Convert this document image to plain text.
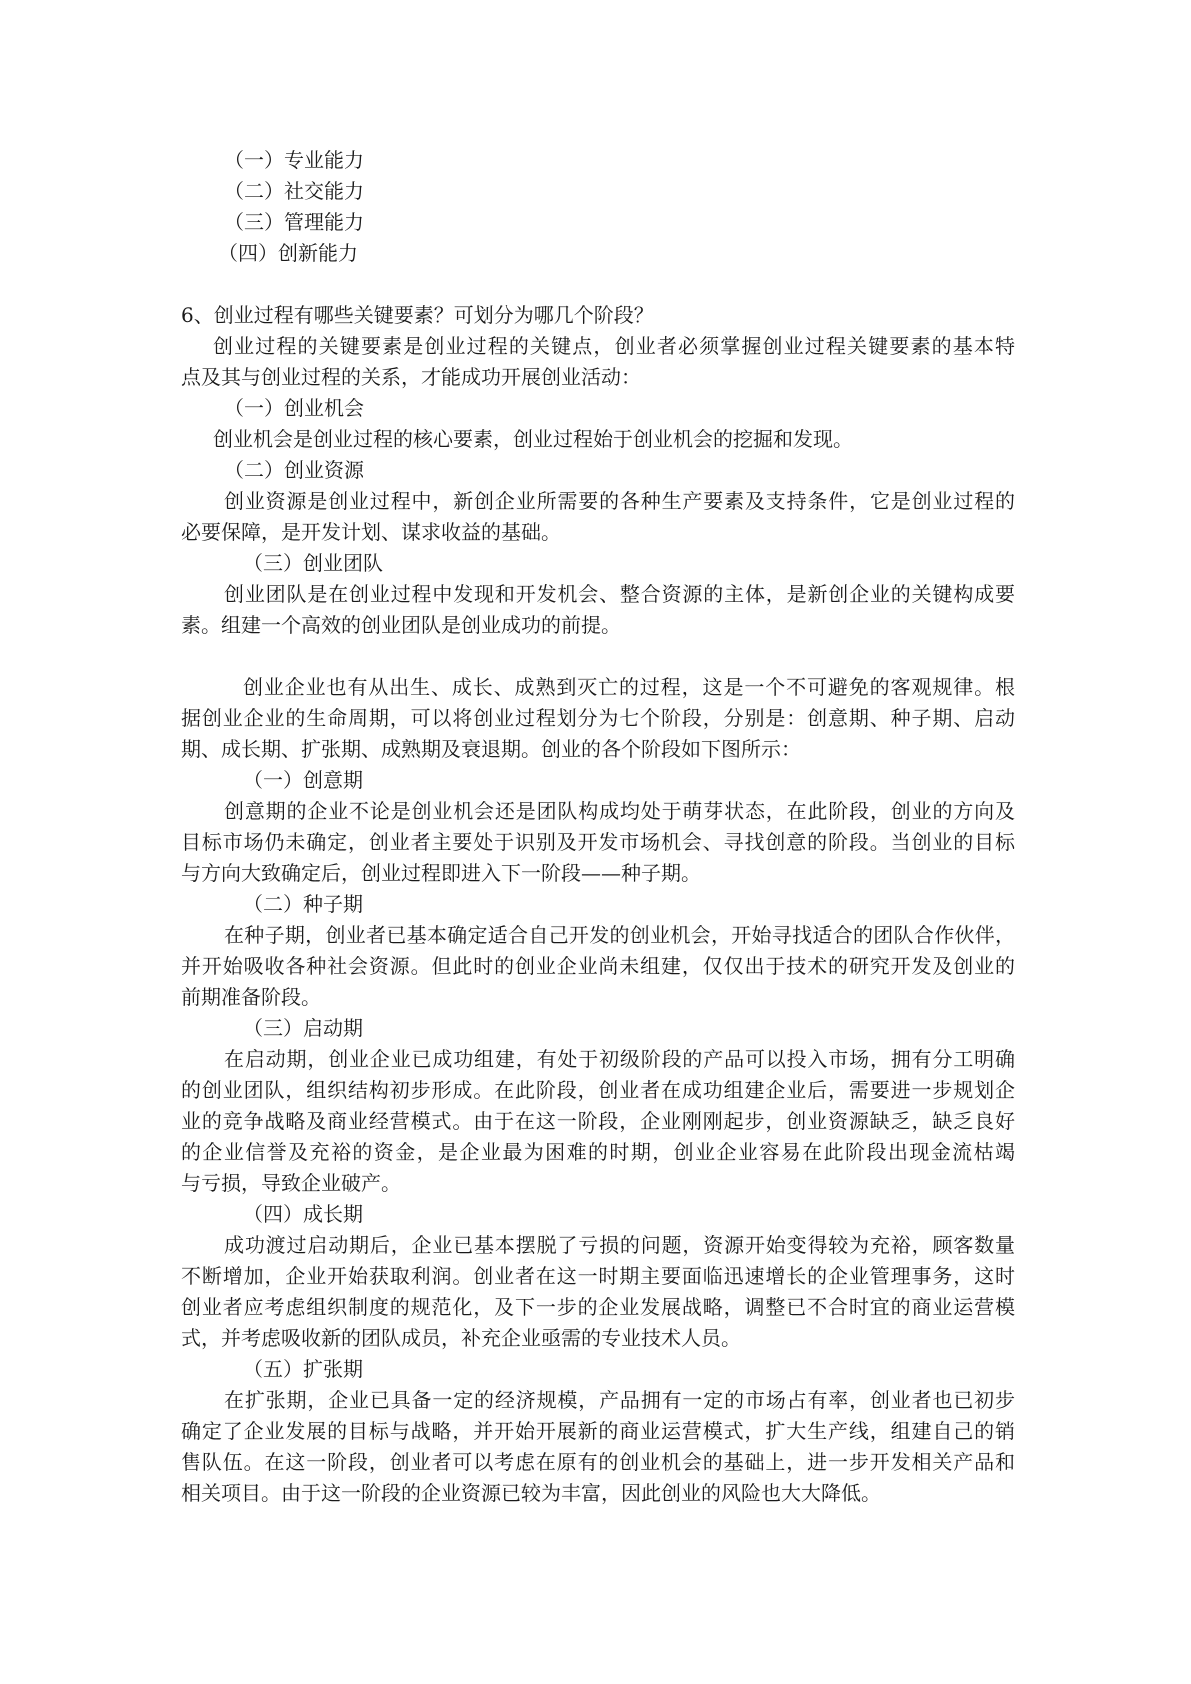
（一）专业能力
（二）社交能力
（三）管理能力
（四）创新能力
6、创业过程有哪些关键要素？可划分为哪几个阶段？
创业过程的关键要素是创业过程的关键点，创业者必须掌握创业过程关键要素的基本特
点及其与创业过程的关系，才能成功开展创业活动：
（一）创业机会
创业机会是创业过程的核心要素，创业过程始于创业机会的挖掘和发现。
（二）创业资源
创业资源是创业过程中，新创企业所需要的各种生产要素及支持条件，它是创业过程的
必要保障，是开发计划、谋求收益的基础。
（三）创业团队
创业团队是在创业过程中发现和开发机会、整合资源的主体，是新创企业的关键构成要
素。组建一个高效的创业团队是创业成功的前提。
创业企业也有从出生、成长、成熟到灭亡的过程，这是一个不可避免的客观规律。根
据创业企业的生命周期，可以将创业过程划分为七个阶段，分别是：创意期、种子期、启动
期、成长期、扩张期、成熟期及衰退期。创业的各个阶段如下图所示：
（一）创意期
创意期的企业不论是创业机会还是团队构成均处于萌芽状态，在此阶段，创业的方向及
目标市场仍未确定，创业者主要处于识别及开发市场机会、寻找创意的阶段。当创业的目标
与方向大致确定后，创业过程即进入下一阶段——种子期。
（二）种子期
在种子期，创业者已基本确定适合自己开发的创业机会，开始寻找适合的团队合作伙伴，
并开始吸收各种社会资源。但此时的创业企业尚未组建，仅仅出于技术的研究开发及创业的
前期准备阶段。
（三）启动期
在启动期，创业企业已成功组建，有处于初级阶段的产品可以投入市场，拥有分工明确
的创业团队，组织结构初步形成。在此阶段，创业者在成功组建企业后，需要进一步规划企
业的竞争战略及商业经营模式。由于在这一阶段，企业刚刚起步，创业资源缺乏，缺乏良好
的企业信誉及充裕的资金，是企业最为困难的时期，创业企业容易在此阶段出现金流枯竭
与亏损，导致企业破产。
（四）成长期
成功渡过启动期后，企业已基本摆脱了亏损的问题，资源开始变得较为充裕，顾客数量
不断增加，企业开始获取利润。创业者在这一时期主要面临迅速增长的企业管理事务，这时
创业者应考虑组织制度的规范化，及下一步的企业发展战略，调整已不合时宜的商业运营模
式，并考虑吸收新的团队成员，补充企业亟需的专业技术人员。
（五）扩张期
在扩张期，企业已具备一定的经济规模，产品拥有一定的市场占有率，创业者也已初步
确定了企业发展的目标与战略，并开始开展新的商业运营模式，扩大生产线，组建自己的销
售队伍。在这一阶段，创业者可以考虑在原有的创业机会的基础上，进一步开发相关产品和
相关项目。由于这一阶段的企业资源已较为丰富，因此创业的风险也大大降低。
